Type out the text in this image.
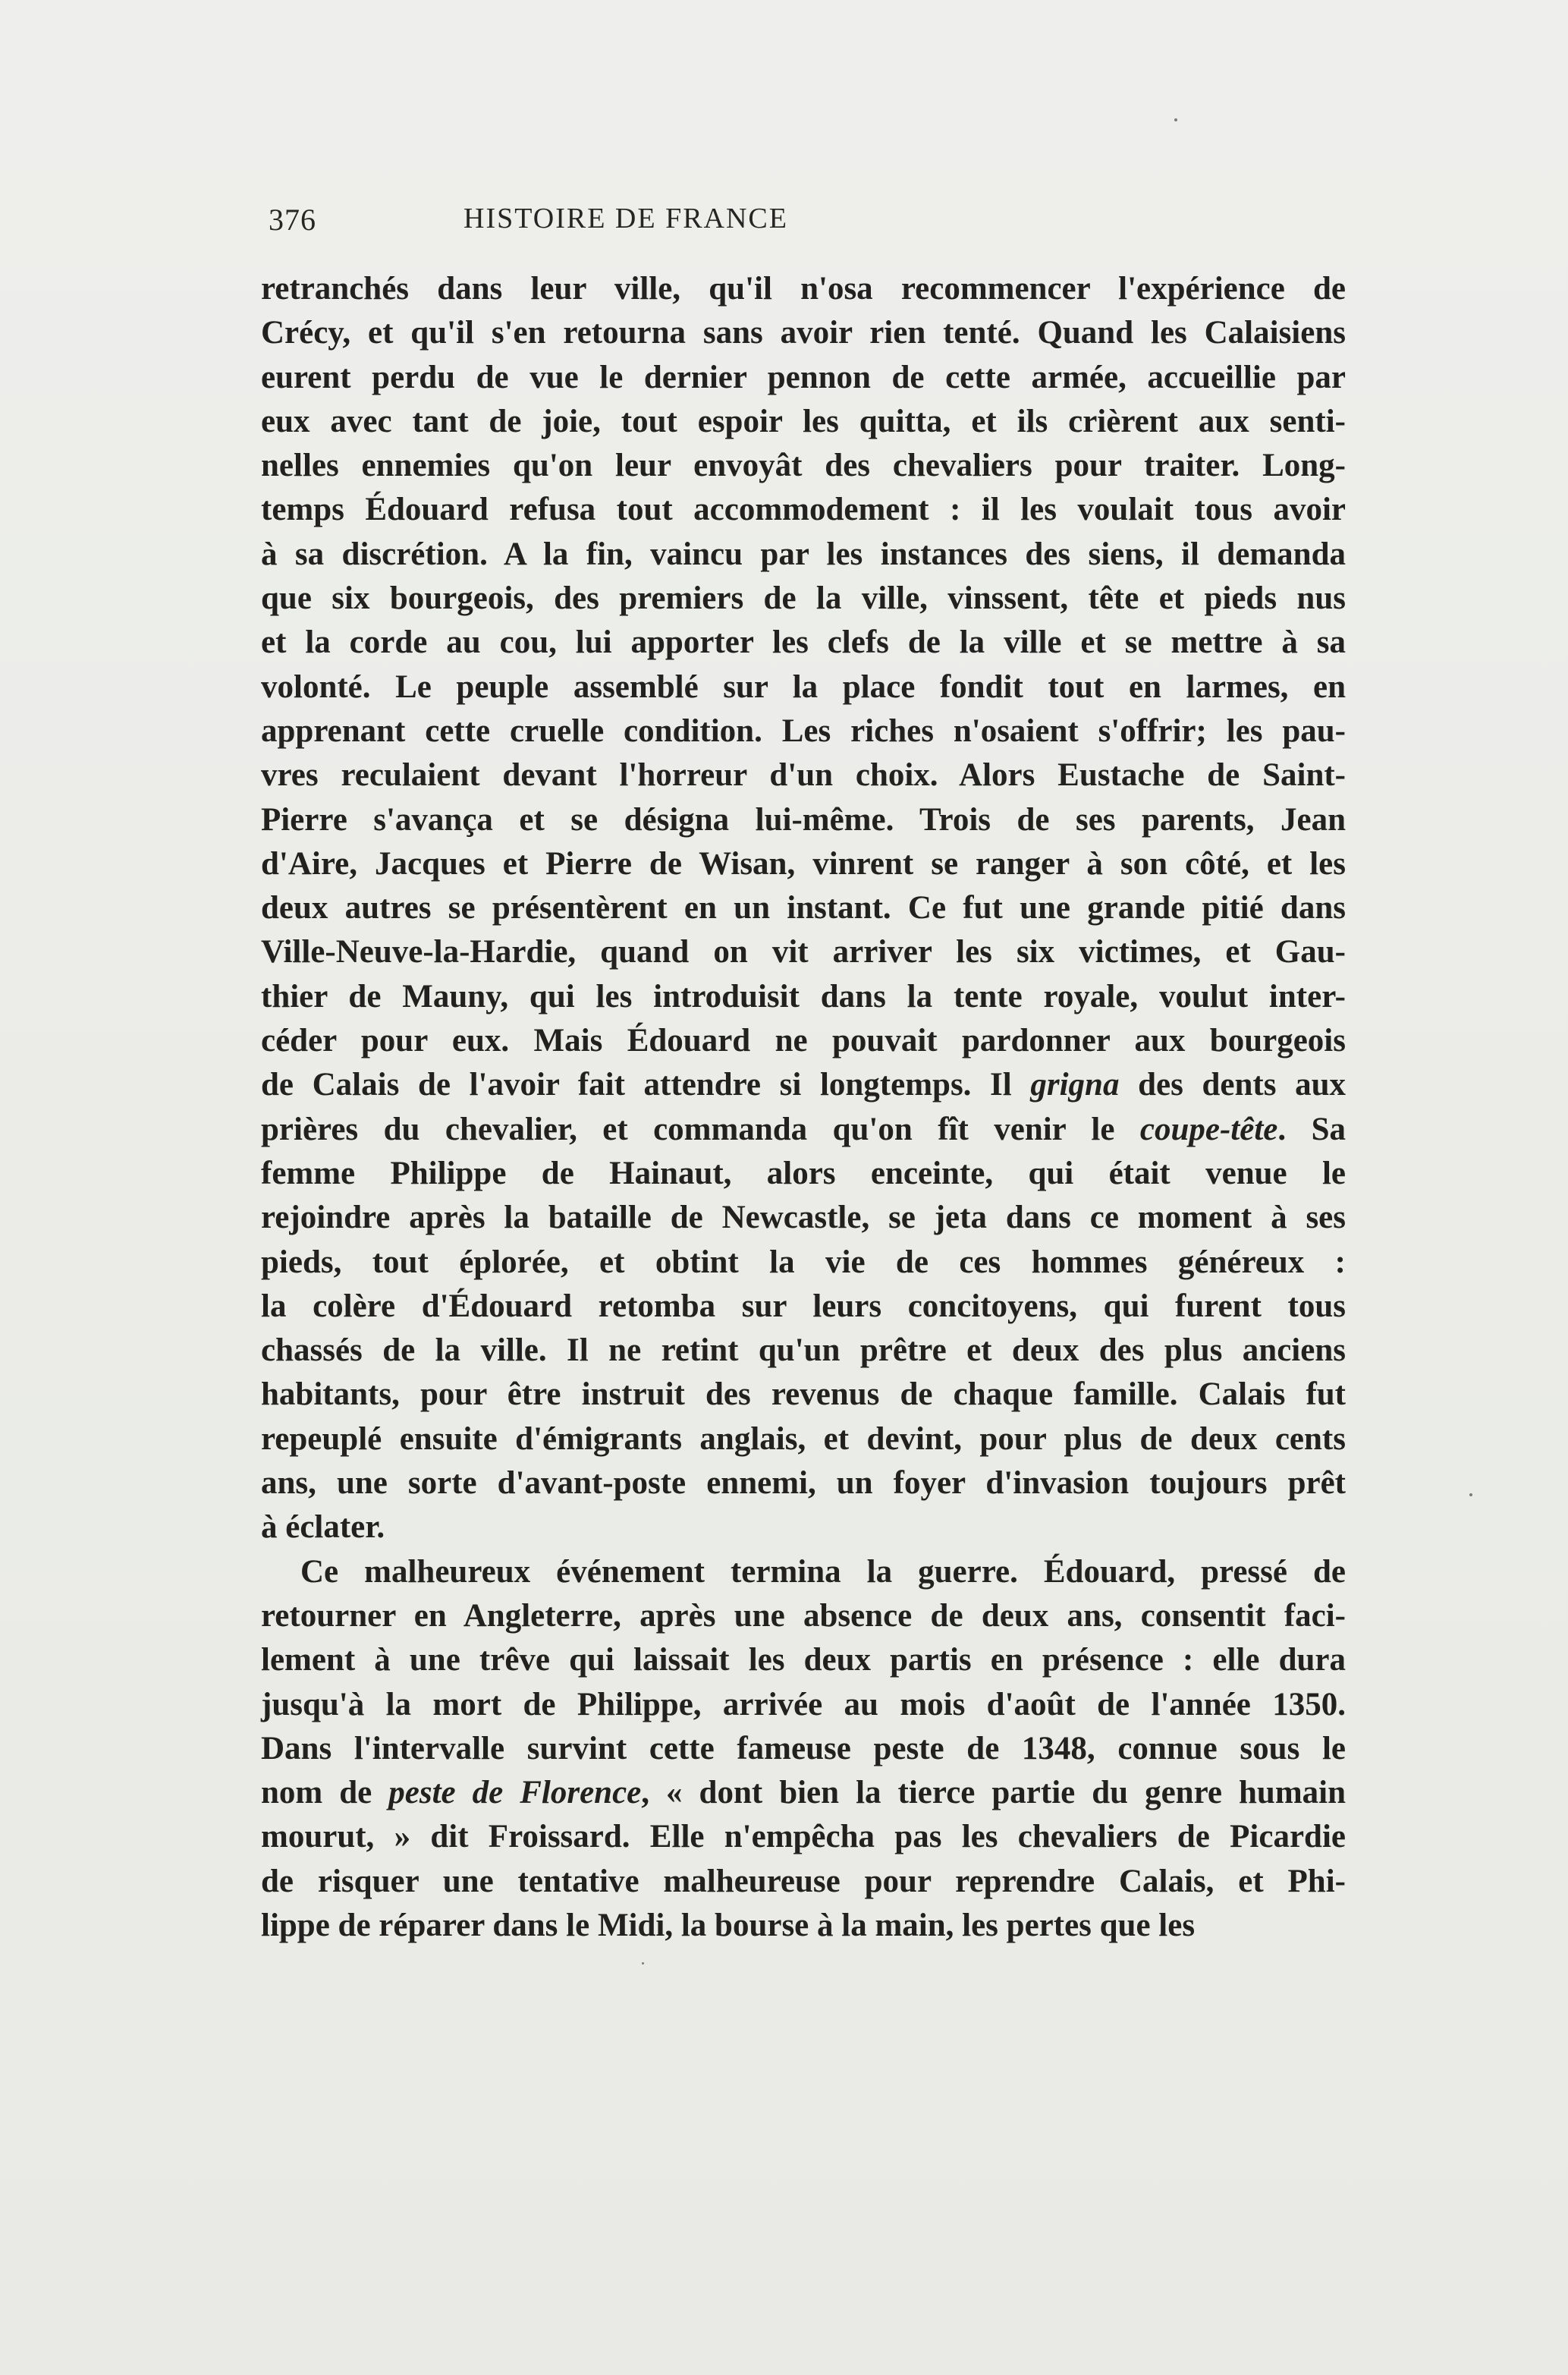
376	HISTOIRE DE FRANCE
retranchés dans leur ville, qu'il n'osa recommencer l'expérience de
Crécy, et qu'il s'en retourna sans avoir rien tenté. Quand les Calaisiens
eurent perdu de vue le dernier pennon de cette armée, accueillie par
eux avec tant de joie, tout espoir les quitta, et ils crièrent aux senti-
nelles ennemies qu'on leur envoyât des chevaliers pour traiter. Long-
temps Édouard refusa tout accommodement : il les voulait tous avoir
à sa discrétion. A la fin, vaincu par les instances des siens, il demanda
que six bourgeois, des premiers de la ville, vinssent, tête et pieds nus
et la corde au cou, lui apporter les clefs de la ville et se mettre à sa
volonté. Le peuple assemblé sur la place fondit tout en larmes, en
apprenant cette cruelle condition. Les riches n'osaient s'offrir; les pau-
vres reculaient devant l'horreur d'un choix. Alors Eustache de Saint-
Pierre s'avança et se désigna lui-même. Trois de ses parents, Jean
d'Aire, Jacques et Pierre de Wisan, vinrent se ranger à son côté, et les
deux autres se présentèrent en un instant. Ce fut une grande pitié dans
Ville-Neuve-la-Hardie, quand on vit arriver les six victimes, et Gau-
thier de Mauny, qui les introduisit dans la tente royale, voulut inter-
céder pour eux. Mais Édouard ne pouvait pardonner aux bourgeois
de Calais de l'avoir fait attendre si longtemps. Il grigna des dents aux
prières du chevalier, et commanda qu'on fît venir le coupe-tête. Sa
femme Philippe de Hainaut, alors enceinte, qui était venue le
rejoindre après la bataille de Newcastle, se jeta dans ce moment à ses
pieds, tout éplorée, et obtint la vie de ces hommes généreux :
la colère d'Édouard retomba sur leurs concitoyens, qui furent tous
chassés de la ville. Il ne retint qu'un prêtre et deux des plus anciens
habitants, pour être instruit des revenus de chaque famille. Calais fut
repeuplé ensuite d'émigrants anglais, et devint, pour plus de deux cents
ans, une sorte d'avant-poste ennemi, un foyer d'invasion toujours prêt
à éclater.
Ce malheureux événement termina la guerre. Édouard, pressé de
retourner en Angleterre, après une absence de deux ans, consentit faci-
lement à une trêve qui laissait les deux partis en présence : elle dura
jusqu'à la mort de Philippe, arrivée au mois d'août de l'année 1350.
Dans l'intervalle survint cette fameuse peste de 1348, connue sous le
nom de peste de Florence, « dont bien la tierce partie du genre humain
mourut, » dit Froissard. Elle n'empêcha pas les chevaliers de Picardie
de risquer une tentative malheureuse pour reprendre Calais, et Phi-
lippe de réparer dans le Midi, la bourse à la main, les pertes que les
